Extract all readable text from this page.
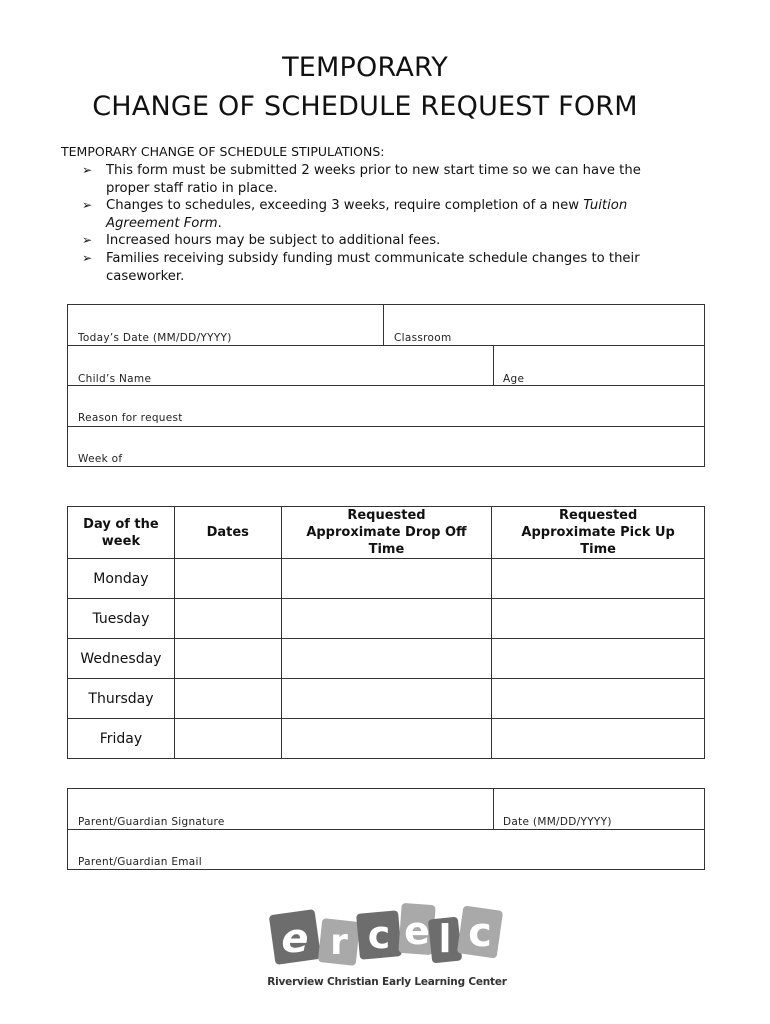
TEMPORARY
CHANGE OF SCHEDULE REQUEST FORM
TEMPORARY CHANGE OF SCHEDULE STIPULATIONS:
➢ This form must be submitted 2 weeks prior to new start time so we can have the proper staff ratio in place.
➢ Changes to schedules, exceeding 3 weeks, require completion of a new Tuition Agreement Form.
➢ Increased hours may be subject to additional fees.
➢ Families receiving subsidy funding must communicate schedule changes to their caseworker.
Today’s Date (MM/DD/YYYY)	Classroom
Child’s Name	Age
Reason for request
Week of
Day of the week	Dates	Requested Approximate Drop Off Time	Requested Approximate Pick Up Time
Monday			
Tuesday			
Wednesday			
Thursday			
Friday			
Parent/Guardian Signature	Date (MM/DD/YYYY)
Parent/Guardian Email
e r c e l c
Riverview Christian Early Learning Center
